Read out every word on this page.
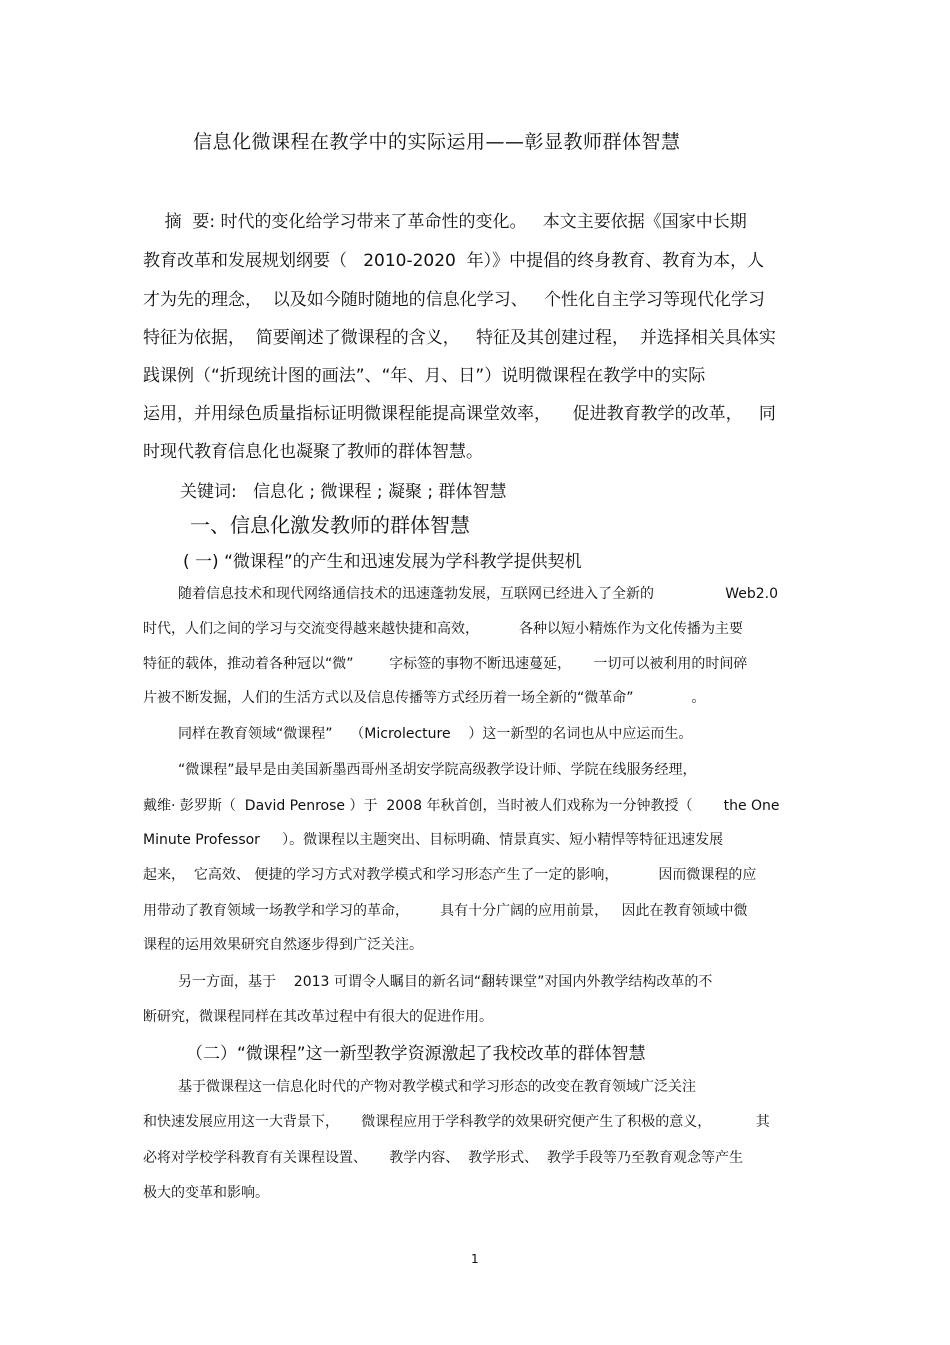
信息化微课程在教学中的实际运用——彰显教师群体智慧
摘  要: 时代的变化给学习带来了革命性的变化。   本文主要依据《国家中长期
教育改革和发展规划纲要（   2010-2020  年）》中提倡的终身教育、教育为本，人
才为先的理念，  以及如今随时随地的信息化学习、   个性化自主学习等现代化学习
特征为依据，  简要阐述了微课程的含义，   特征及其创建过程，  并选择相关具体实
践课例（“折现统计图的画法”、“年、月、日”）说明微课程在教学中的实际
运用，并用绿色质量指标证明微课程能提高课堂效率，    促进教育教学的改革，   同
时现代教育信息化也凝聚了教师的群体智慧。
关键词:   信息化 ; 微课程 ; 凝聚 ; 群体智慧
一、信息化激发教师的群体智慧
( 一) “微课程”的产生和迅速发展为学科教学提供契机
随着信息技术和现代网络通信技术的迅速蓬勃发展，互联网已经进入了全新的                Web2.0
时代，人们之间的学习与交流变得越来越快捷和高效，         各种以短小精炼作为文化传播为主要
特征的载体，推动着各种冠以“微”        字标签的事物不断迅速蔓延，     一切可以被利用的时间碎
片被不断发掘，人们的生活方式以及信息传播等方式经历着一场全新的“微革命”             。
同样在教育领域“微课程”    （Microlecture    ）这一新型的名词也从中应运而生。
“微课程”最早是由美国新墨西哥州圣胡安学院高级教学设计师、学院在线服务经理，
戴维· 彭罗斯（  David Penrose ）于  2008 年秋首创，当时被人们戏称为一分钟教授（       the One
Minute Professor     ）。微课程以主题突出、目标明确、情景真实、短小精悍等特征迅速发展
起来，  它高效、 便捷的学习方式对教学模式和学习形态产生了一定的影响，         因而微课程的应
用带动了教育领域一场教学和学习的革命，       具有十分广阔的应用前景，   因此在教育领域中微
课程的运用效果研究自然逐步得到广泛关注。
另一方面，基于    2013 可谓令人瞩目的新名词“翻转课堂”对国内外教学结构改革的不
断研究，微课程同样在其改革过程中有很大的促进作用。
（二）“微课程”这一新型教学资源激起了我校改革的群体智慧
基于微课程这一信息化时代的产物对教学模式和学习形态的改变在教育领域广泛关注
和快速发展应用这一大背景下，     微课程应用于学科教学的效果研究便产生了积极的意义，          其
必将对学校学科教育有关课程设置、     教学内容、  教学形式、  教学手段等乃至教育观念等产生
极大的变革和影响。
1
